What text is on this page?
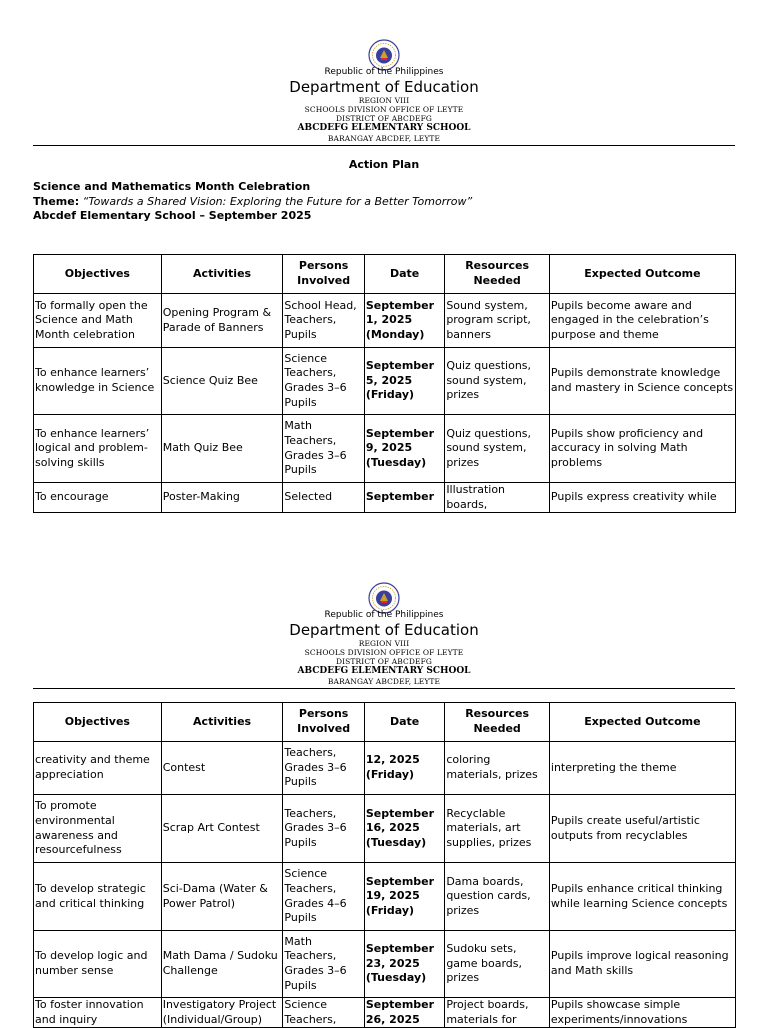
Republic of the Philippines
Department of Education
REGION VIII
SCHOOLS DIVISION OFFICE OF LEYTE
DISTRICT OF ABCDEFG
ABCDEFG ELEMENTARY SCHOOL
BARANGAY ABCDEF, LEYTE
Action Plan
Science and Mathematics Month Celebration
Theme: “Towards a Shared Vision: Exploring the Future for a Better Tomorrow”
Abcdef Elementary School – September 2025
Objectives	Activities	Persons Involved	Date	Resources Needed	Expected Outcome
To formally open the Science and Math Month celebration	Opening Program & Parade of Banners	School Head, Teachers, Pupils	September 1, 2025 (Monday)	Sound system, program script, banners	Pupils become aware and engaged in the celebration’s purpose and theme
To enhance learners’ knowledge in Science	Science Quiz Bee	Science Teachers, Grades 3–6 Pupils	September 5, 2025 (Friday)	Quiz questions, sound system, prizes	Pupils demonstrate knowledge and mastery in Science concepts
To enhance learners’ logical and problem-solving skills	Math Quiz Bee	Math Teachers, Grades 3–6 Pupils	September 9, 2025 (Tuesday)	Quiz questions, sound system, prizes	Pupils show proficiency and accuracy in solving Math problems
To encourage	Poster-Making	Selected	September	Illustration boards,	Pupils express creativity while
Republic of the Philippines
Department of Education
REGION VIII
SCHOOLS DIVISION OFFICE OF LEYTE
DISTRICT OF ABCDEFG
ABCDEFG ELEMENTARY SCHOOL
BARANGAY ABCDEF, LEYTE
Objectives	Activities	Persons Involved	Date	Resources Needed	Expected Outcome
creativity and theme appreciation	Contest	Teachers, Grades 3–6 Pupils	12, 2025 (Friday)	coloring materials, prizes	interpreting the theme
To promote environmental awareness and resourcefulness	Scrap Art Contest	Teachers, Grades 3–6 Pupils	September 16, 2025 (Tuesday)	Recyclable materials, art supplies, prizes	Pupils create useful/artistic outputs from recyclables
To develop strategic and critical thinking	Sci-Dama (Water & Power Patrol)	Science Teachers, Grades 4–6 Pupils	September 19, 2025 (Friday)	Dama boards, question cards, prizes	Pupils enhance critical thinking while learning Science concepts
To develop logic and number sense	Math Dama / Sudoku Challenge	Math Teachers, Grades 3–6 Pupils	September 23, 2025 (Tuesday)	Sudoku sets, game boards, prizes	Pupils improve logical reasoning and Math skills
To foster innovation and inquiry	Investigatory Project (Individual/Group)	Science Teachers,	September 26, 2025	Project boards, materials for	Pupils showcase simple experiments/innovations
